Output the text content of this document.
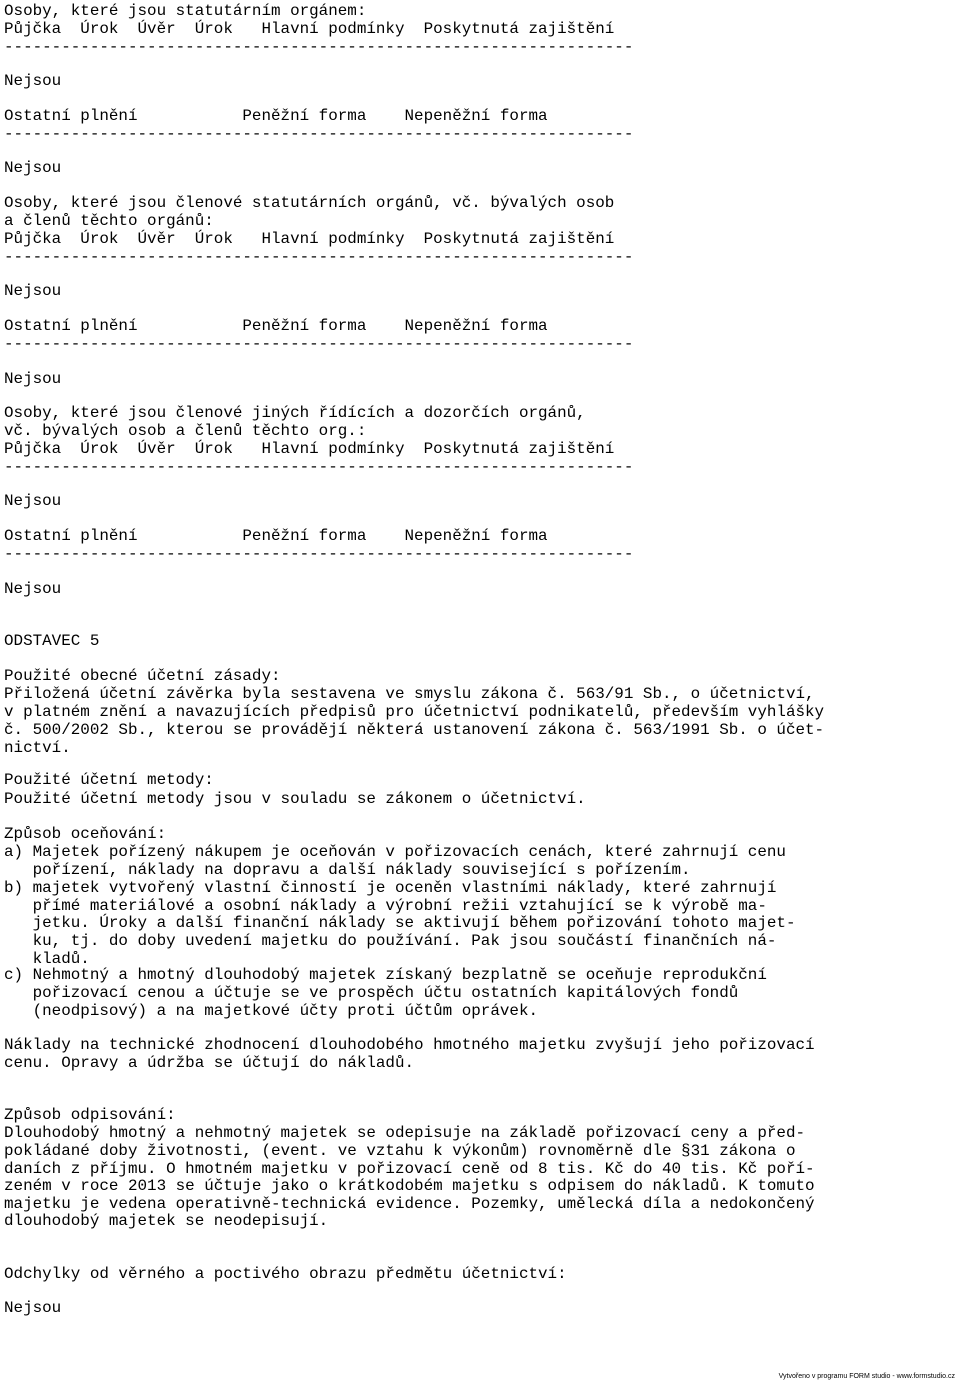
Osoby, které jsou statutárním orgánem:

Půjčka  Úrok  Úvěr  Úrok   Hlavní podmínky  Poskytnutá zajištění

------------------------------------------------------------------

Nejsou

Ostatní plnění           Peněžní forma    Nepeněžní forma

------------------------------------------------------------------

Nejsou

Osoby, které jsou členové statutárních orgánů, vč. bývalých osob

a členů těchto orgánů:

Půjčka  Úrok  Úvěr  Úrok   Hlavní podmínky  Poskytnutá zajištění

------------------------------------------------------------------

Nejsou

Ostatní plnění           Peněžní forma    Nepeněžní forma

------------------------------------------------------------------

Nejsou

Osoby, které jsou členové jiných řídících a dozorčích orgánů,

vč. bývalých osob a členů těchto org.:

Půjčka  Úrok  Úvěr  Úrok   Hlavní podmínky  Poskytnutá zajištění

------------------------------------------------------------------

Nejsou

Ostatní plnění           Peněžní forma    Nepeněžní forma

------------------------------------------------------------------

Nejsou

ODSTAVEC 5

Použité obecné účetní zásady:

Přiložená účetní závěrka byla sestavena ve smyslu zákona č. 563/91 Sb., o účetnictví,

v platném znění a navazujících předpisů pro účetnictví podnikatelů, především vyhlášky

č. 500/2002 Sb., kterou se provádějí některá ustanovení zákona č. 563/1991 Sb. o účet-

nictví.

Použité účetní metody:

Použité účetní metody jsou v souladu se zákonem o účetnictví.

Způsob oceňování:

a) Majetek pořízený nákupem je oceňován v pořizovacích cenách, které zahrnují cenu

pořízení, náklady na dopravu a další náklady související s pořízením.

b) majetek vytvořený vlastní činností je oceněn vlastními náklady, které zahrnují

přímé materiálové a osobní náklady a výrobní režii vztahující se k výrobě ma-

jetku. Úroky a další finanční náklady se aktivují během pořizování tohoto majet-

ku, tj. do doby uvedení majetku do používání. Pak jsou součástí finančních ná-

kladů.

c) Nehmotný a hmotný dlouhodobý majetek získaný bezplatně se oceňuje reprodukční

pořizovací cenou a účtuje se ve prospěch účtu ostatních kapitálových fondů

(neodpisový) a na majetkové účty proti účtům oprávek.

Náklady na technické zhodnocení dlouhodobého hmotného majetku zvyšují jeho pořizovací

cenu. Opravy a údržba se účtují do nákladů.

Způsob odpisování:

Dlouhodobý hmotný a nehmotný majetek se odepisuje na základě pořizovací ceny a před-

pokládané doby životnosti, (event. ve vztahu k výkonům) rovnoměrně dle §31 zákona o

daních z příjmu. O hmotném majetku v pořizovací ceně od 8 tis. Kč do 40 tis. Kč poří-

zeném v roce 2013 se účtuje jako o krátkodobém majetku s odpisem do nákladů. K tomuto

majetku je vedena operativně-technická evidence. Pozemky, umělecká díla a nedokončený

dlouhodobý majetek se neodepisují.

Odchylky od věrného a poctivého obrazu předmětu účetnictví:

Nejsou

Vytvořeno v programu FORM studio - www.formstudio.cz
